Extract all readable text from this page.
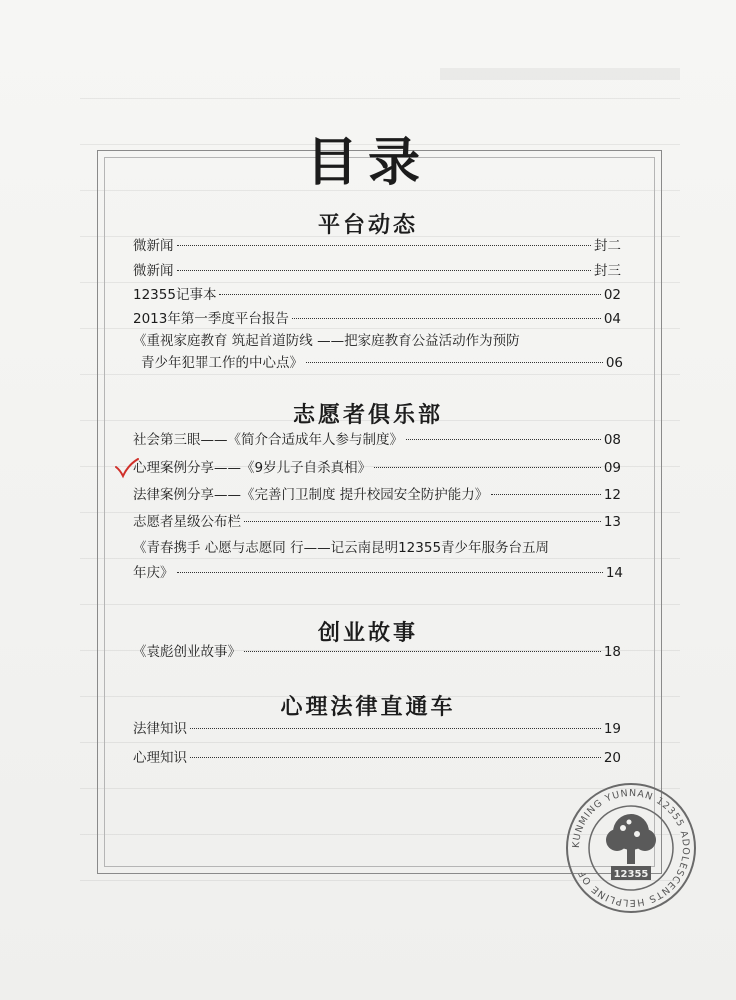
目录
平台动态
微新闻	封二
微新闻	封三
12355记事本	02
2013年第一季度平台报告	04
《重视家庭教育 筑起首道防线 ——把家庭教育公益活动作为预防
青少年犯罪工作的中心点》	06
志愿者俱乐部
社会第三眼——《简介合适成年人参与制度》	08
心理案例分享——《9岁儿子自杀真相》	09
法律案例分享——《完善门卫制度 提升校园安全防护能力》	12
志愿者星级公布栏	13
《青春携手 心愿与志愿同 行——记云南昆明12355青少年服务台五周
年庆》	14
创业故事
《袁彪创业故事》	18
心理法律直通车
法律知识	19
心理知识	20
KUNMING YUNNAN 12355 ADOLESCENTS HELPLINE OF	12355
